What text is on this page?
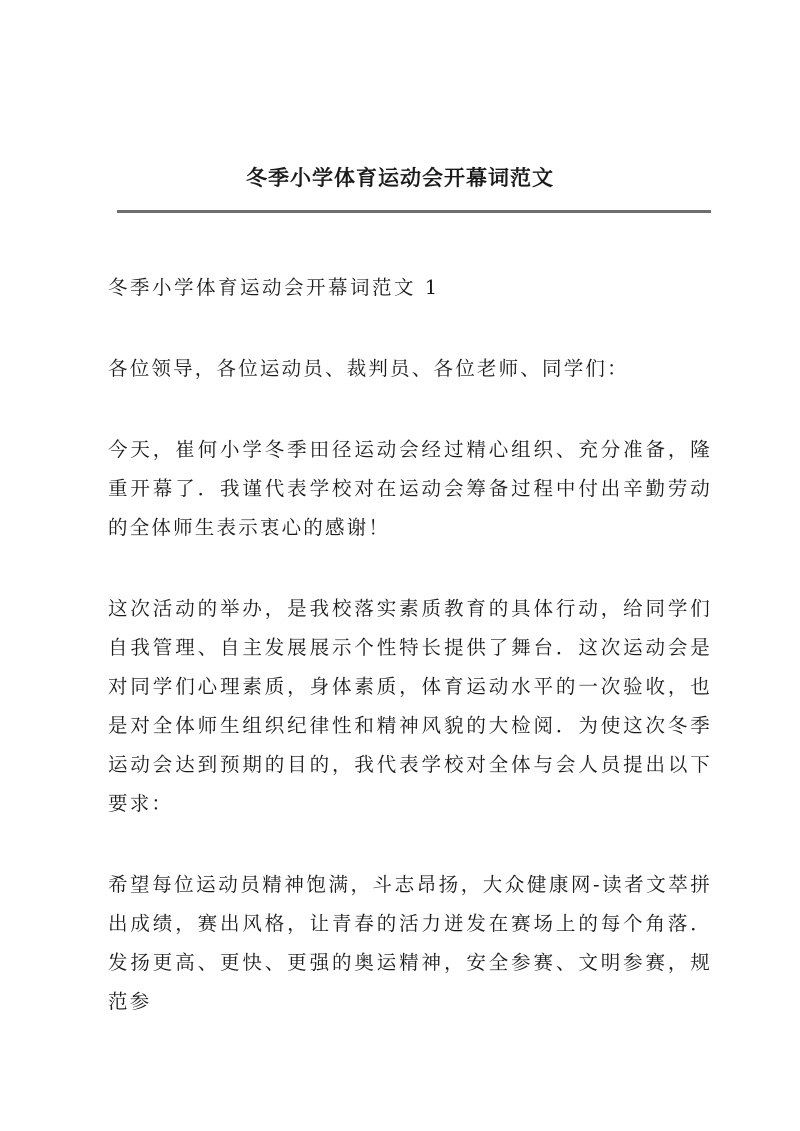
冬季小学体育运动会开幕词范文

冬季小学体育运动会开幕词范文 1

各位领导，各位运动员、裁判员、各位老师、同学们：

今天，崔何小学冬季田径运动会经过精心组织、充分准备，隆重开幕了．我谨代表学校对在运动会筹备过程中付出辛勤劳动的全体师生表示衷心的感谢！

这次活动的举办，是我校落实素质教育的具体行动，给同学们自我管理、自主发展展示个性特长提供了舞台．这次运动会是对同学们心理素质，身体素质，体育运动水平的一次验收，也是对全体师生组织纪律性和精神风貌的大检阅．为使这次冬季运动会达到预期的目的，我代表学校对全体与会人员提出以下要求：

希望每位运动员精神饱满，斗志昂扬，大众健康网-读者文萃拼出成绩，赛出风格，让青春的活力迸发在赛场上的每个角落．发扬更高、更快、更强的奥运精神，安全参赛、文明参赛，规范参
